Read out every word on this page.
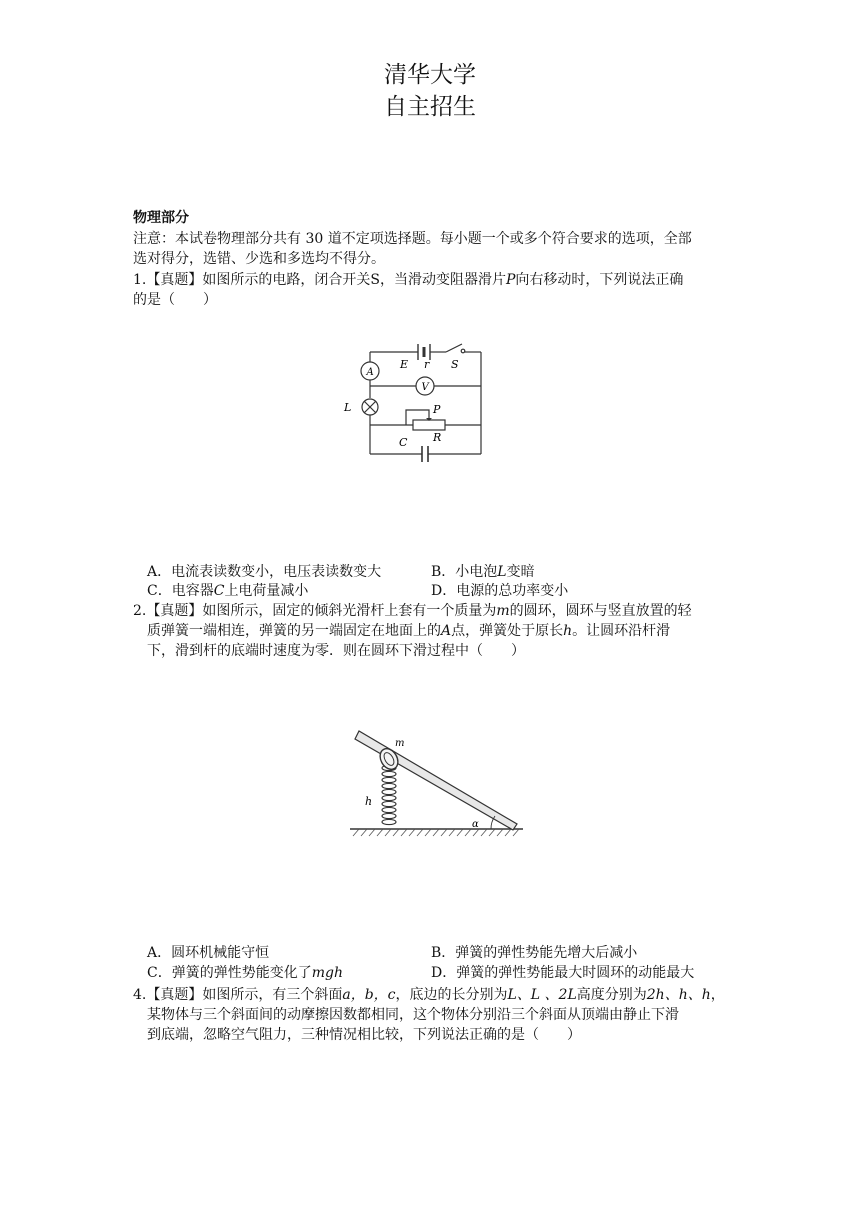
清华大学
自主招生
物理部分
注意：本试卷物理部分共有 30 道不定项选择题。每小题一个或多个符合要求的选项，全部
选对得分，选错、少选和多选均不得分。
1.【真题】如图所示的电路，闭合开关S，当滑动变阻器滑片P向右移动时，下列说法正确
的是（　　）
E r S
A
V
L	P
C R
A．电流表读数变小，电压表读数变大	B．小电泡L变暗
C．电容器C上电荷量减小	D．电源的总功率变小
2.【真题】如图所示，固定的倾斜光滑杆上套有一个质量为m的圆环，圆环与竖直放置的轻
质弹簧一端相连，弹簧的另一端固定在地面上的A点，弹簧处于原长h。让圆环沿杆滑
下，滑到杆的底端时速度为零．则在圆环下滑过程中（　　）
m
h
α
A．圆环机械能守恒	B．弹簧的弹性势能先增大后减小
C．弹簧的弹性势能变化了mgh	D．弹簧的弹性势能最大时圆环的动能最大
4.【真题】如图所示，有三个斜面a，b，c，底边的长分别为L、L 、2L高度分别为2h、h、h，
某物体与三个斜面间的动摩擦因数都相同，这个物体分别沿三个斜面从顶端由静止下滑
到底端，忽略空气阻力，三种情况相比较，下列说法正确的是（　　）
